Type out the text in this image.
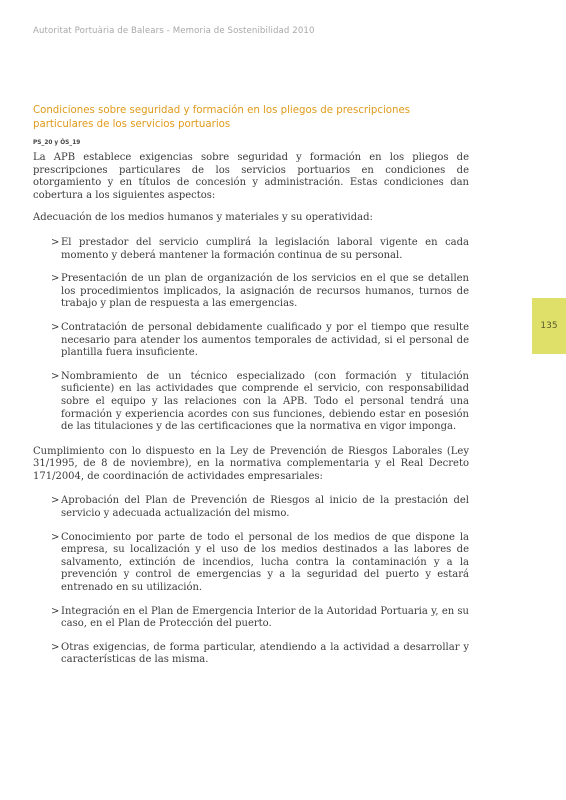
Autoritat Portuària de Balears - Memoria de Sostenibilidad 2010
Condiciones sobre seguridad y formación en los pliegos de prescripciones particulares de los servicios portuarios
PS_20 y ÓS_19

La APB establece exigencias sobre seguridad y formación en los pliegos de prescripciones particulares de los servicios portuarios en condiciones de otorgamiento y en títulos de concesión y administración. Estas condiciones dan cobertura a los siguientes aspectos:

Adecuación de los medios humanos y materiales y su operatividad:

> El prestador del servicio cumplirá la legislación laboral vigente en cada momento y deberá mantener la formación continua de su personal.

> Presentación de un plan de organización de los servicios en el que se detallen los procedimientos implicados, la asignación de recursos humanos, turnos de trabajo y plan de respuesta a las emergencias.

> Contratación de personal debidamente cualificado y por el tiempo que resulte necesario para atender los aumentos temporales de actividad, si el personal de plantilla fuera insuficiente.

> Nombramiento de un técnico especializado (con formación y titulación suficiente) en las actividades que comprende el servicio, con responsabilidad sobre el equipo y las relaciones con la APB. Todo el personal tendrá una formación y experiencia acordes con sus funciones, debiendo estar en posesión de las titulaciones y de las certificaciones que la normativa en vigor imponga.

Cumplimiento con lo dispuesto en la Ley de Prevención de Riesgos Laborales (Ley 31/1995, de 8 de noviembre), en la normativa complementaria y el Real Decreto 171/2004, de coordinación de actividades empresariales:

> Aprobación del Plan de Prevención de Riesgos al inicio de la prestación del servicio y adecuada actualización del mismo.

> Conocimiento por parte de todo el personal de los medios de que dispone la empresa, su localización y el uso de los medios destinados a las labores de salvamento, extinción de incendios, lucha contra la contaminación y a la prevención y control de emergencias y a la seguridad del puerto y estará entrenado en su utilización.

> Integración en el Plan de Emergencia Interior de la Autoridad Portuaria y, en su caso, en el Plan de Protección del puerto.

> Otras exigencias, de forma particular, atendiendo a la actividad a desarrollar y características de las misma.

135
